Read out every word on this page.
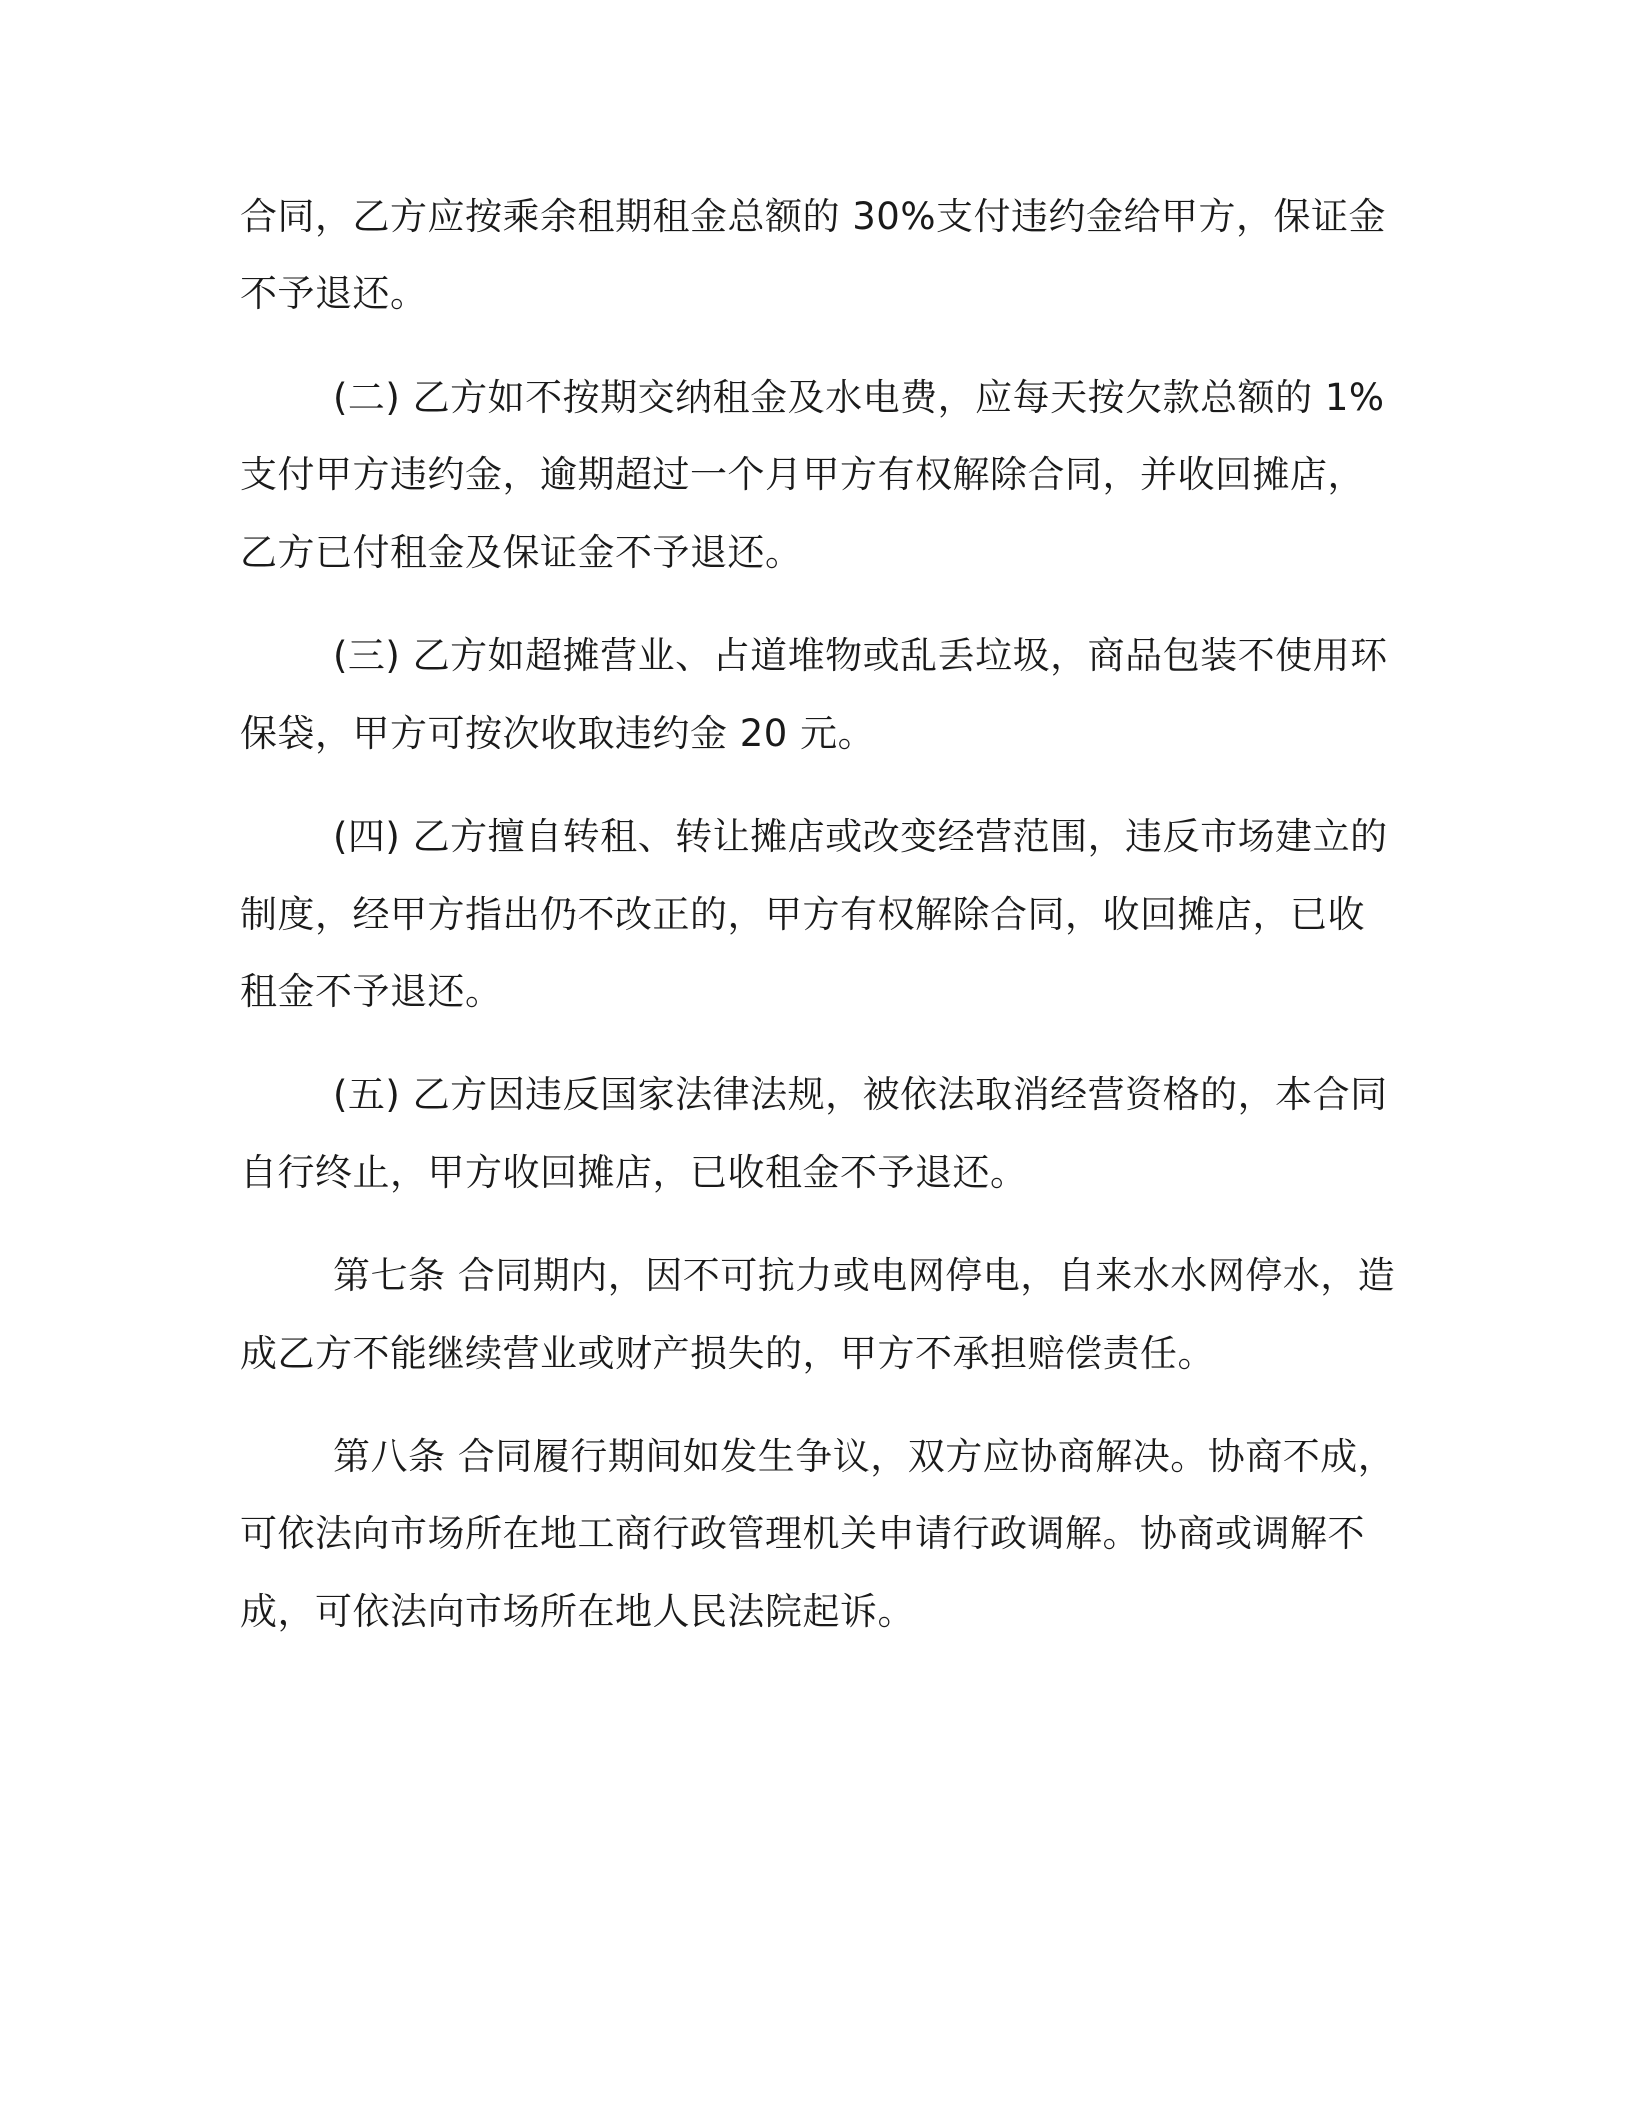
合同，乙方应按乘余租期租金总额的 30%支付违约金给甲方，保证金

不予退还。

(二) 乙方如不按期交纳租金及水电费，应每天按欠款总额的 1%

支付甲方违约金，逾期超过一个月甲方有权解除合同，并收回摊店，

乙方已付租金及保证金不予退还。

(三) 乙方如超摊营业、占道堆物或乱丢垃圾，商品包装不使用环

保袋，甲方可按次收取违约金 20 元。

(四) 乙方擅自转租、转让摊店或改变经营范围，违反市场建立的

制度，经甲方指出仍不改正的，甲方有权解除合同，收回摊店，已收

租金不予退还。

(五) 乙方因违反国家法律法规，被依法取消经营资格的，本合同

自行终止，甲方收回摊店，已收租金不予退还。

第七条 合同期内，因不可抗力或电网停电，自来水水网停水，造

成乙方不能继续营业或财产损失的，甲方不承担赔偿责任。

第八条 合同履行期间如发生争议，双方应协商解决。协商不成，

可依法向市场所在地工商行政管理机关申请行政调解。协商或调解不

成，可依法向市场所在地人民法院起诉。
